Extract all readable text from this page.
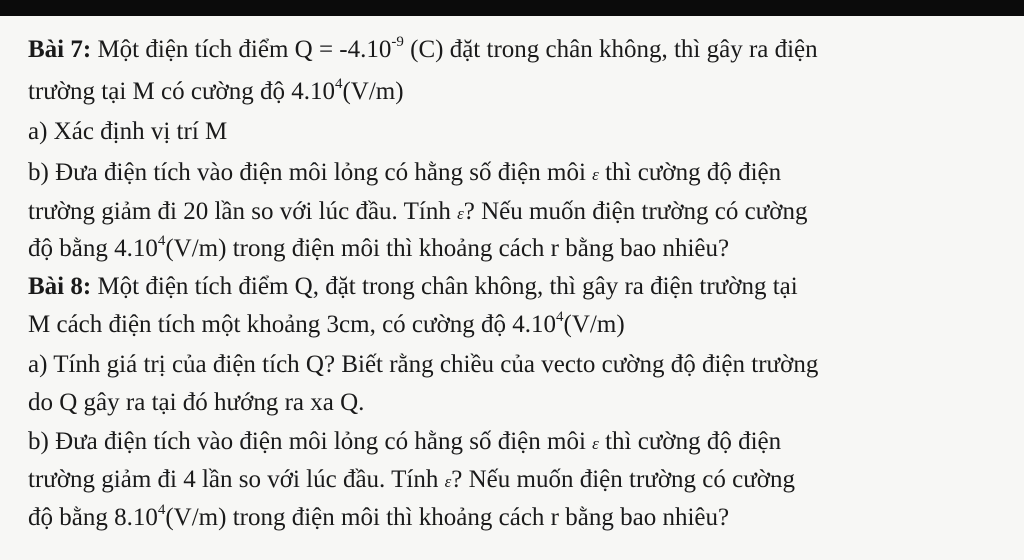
Bài 7: Một điện tích điểm $Q = -4.10^{-9}$ (C) đặt trong chân không, thì gây ra điện
trường tại M có cường độ 4.10$^4$(V/m)
a) Xác định vị trí M
b) Đưa điện tích vào điện môi lỏng có hằng số điện môi ε thì cường độ điện
trường giảm đi 20 lần so với lúc đầu. Tính ε? Nếu muốn điện trường có cường
độ bằng 4.10$^4$(V/m) trong điện môi thì khoảng cách r bằng bao nhiêu?
Bài 8: Một điện tích điểm Q, đặt trong chân không, thì gây ra điện trường tại
M cách điện tích một khoảng 3cm, có cường độ 4.10$^4$(V/m)
a) Tính giá trị của điện tích Q? Biết rằng chiều của vecto cường độ điện trường
do Q gây ra tại đó hướng ra xa Q.
b) Đưa điện tích vào điện môi lỏng có hằng số điện môi ε thì cường độ điện
trường giảm đi 4 lần so với lúc đầu. Tính ε? Nếu muốn điện trường có cường
độ bằng 8.10$^4$(V/m) trong điện môi thì khoảng cách r bằng bao nhiêu?
